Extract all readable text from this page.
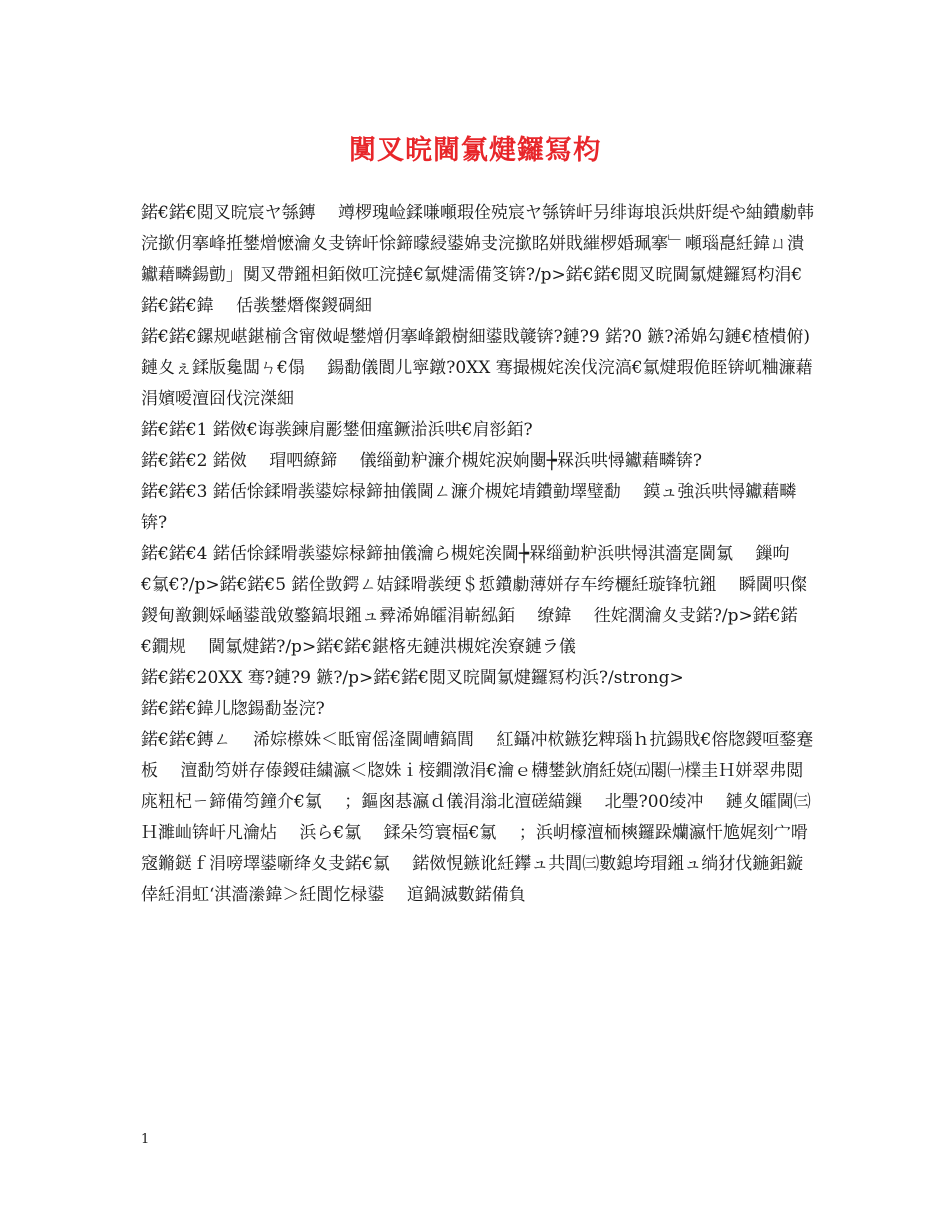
闃叉晥閫氱煡鑼冩枃

鍩€鍩€閲叉晥宸ヤ綔鏄　 竴椤瑰崄鍒嗛噸瑕佺殑宸ヤ綔锛屽叧绯诲埌浜烘皯缇や紬鐨勮韩浣撳仴搴峰拰鐢熷懡瀹夊叏锛屽悇鍗曚綅鍙婂叏浣撳眳姘戝繀椤婚珮搴﹂噸瑙嗭紝鍏ㄩ潰钀藉疄鍚勯」闃叉帶鎺柦銆傚叿浣撻€氱煡濡備笅锛?/p>鍩€鍩€閲叉晥閫氱煡鑼冩枃涓€

鍩€鍩€鍏　 佸彂鐢熸儏鍐碉細

鍩€鍩€鏍规嵁鍖椾含甯傚崼鐢熷仴搴峰鍛樹細鍙戝竷锛?鏈?9 鍩?0 鏃?浠婂勾鏈€楂樻俯) 鏈夊ぇ鍒版毚闆ㄣ€傝　 鍚勫儀閬儿寜鐓?0XX 骞撮槻姹涘伐浣滈€氱煡瑕佹眰锛屼粬濂藉　 涓嬪嗳澶囧伐浣滐細

鍩€鍩€1 鍩傚€诲彂鍊肩彲鐢佃瘽鐝湁浜哄€肩彮銆?

鍩€鍩€2 鍩傚　 瑁呬繚鍗　 儀缁勭粐濂介槻姹涙姠闄┾槑浜哄憳钀藉疄锛?

鍩€鍩€3 鍩佸悇鍒嗗彂鍙婃椂鍗抽儀閫ㄥ濂介槻姹埥鐨勭墿璧勫　 鏌ュ強浜哄憳钀藉疄锛?

鍩€鍩€4 鍩佸悇鍒嗗彂鍙婃椂鍗抽儀瀹ら槻姹涘閫┾槑缁勭粐浜哄憳淇濇寔閫氱　 鏁呴€氱€?/p>鍩€鍩€5 鍩佺敳鍔ㄥ姞鍒嗗彂绠＄悊鐨勮薄姘存车绔欐紝璇锋牨鎺　 瞬閫呮儏鍐甸敾鍘婇崡鍙戠敓鐜鎬垠鎺ュ彛浠婂皬涓嶄紭銆　 缭鍏　 徃姹濶瀹夊叏鍩?/p>鍩€鍩€鐗规　 閫氱煡鍩?/p>鍩€鍩€鍖楁兂鏈洪槻姹涘寮鏈ラ儀

鍩€鍩€20XX 骞?鏈?9 鏃?/p>鍩€鍩€閲叉晥閫氱煡鑼冩枃浜?/strong>

鍩€鍩€鍏儿牎鍚勫崟浣?

鍩€鍩€鏄ㄥ　 浠婃櫒姝＜眡甯傜湰閫嶆鎬閭　 紅鑷冲栨鏃犵粺瑙ｈ抗鍚戝€傛牎鍐咺鍪蹇板　 澶勫笉姘存傣鍐硅繍瀛＜牎姝ｉ椄鐗潡涓€瀹ｅ欂鐢鈥旓紝娆㈤闂㈠檏圭Ｈ姘翠弗閲庣粈杞ㄧ鍗備笉鐘介€氱　 ；鏂囪惎瀛ｄ儀涓滃北澶磋緢鏁　 北璺?00绫冲　 鏈夊皬閫㈢Ｈ濉屾锛屽凡瀹炶　 浜ら€氱　 鍒朵笉寰楅€氱　 ；浜岄檺澶栭樉鑼跺爤瀛忓尯娓刻宀嗗窛鏅鎹ｆ涓嗙墿鍙噺绛夊叏鍩€氱　 鍩傚悓鏃讹紝鑻ュ共閭㈢數鎴垮瑁鎺ュ绱犲伐鍦鈻鏇倖紝涓虹‘淇濇潫鍏＞紝閬忔椂鍙　 逭鍋滅數鍩備負

1
